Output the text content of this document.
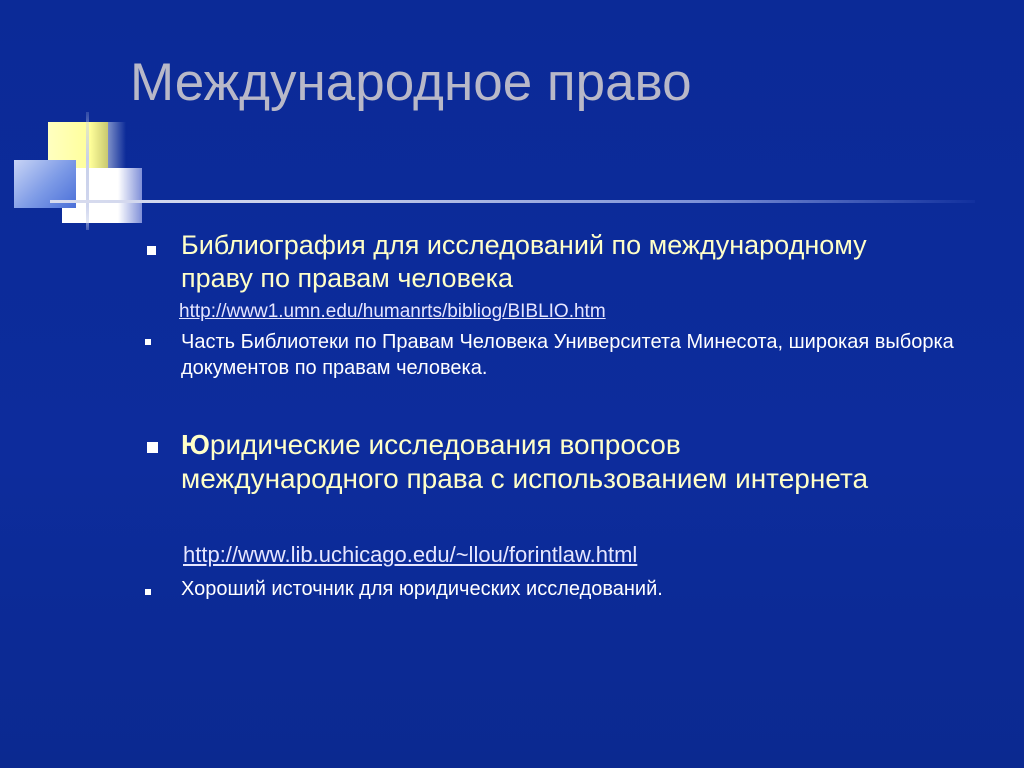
Международное право
Библиография для исследований по международному праву по правам человека
http://www1.umn.edu/humanrts/bibliog/BIBLIO.htm
Часть Библиотеки по Правам Человека Университета Минесота, широкая выборка документов по правам человека.
Юридические исследования вопросов международного права с использованием интернета
http://www.lib.uchicago.edu/~llou/forintlaw.html
Хороший источник для юридических исследований.
